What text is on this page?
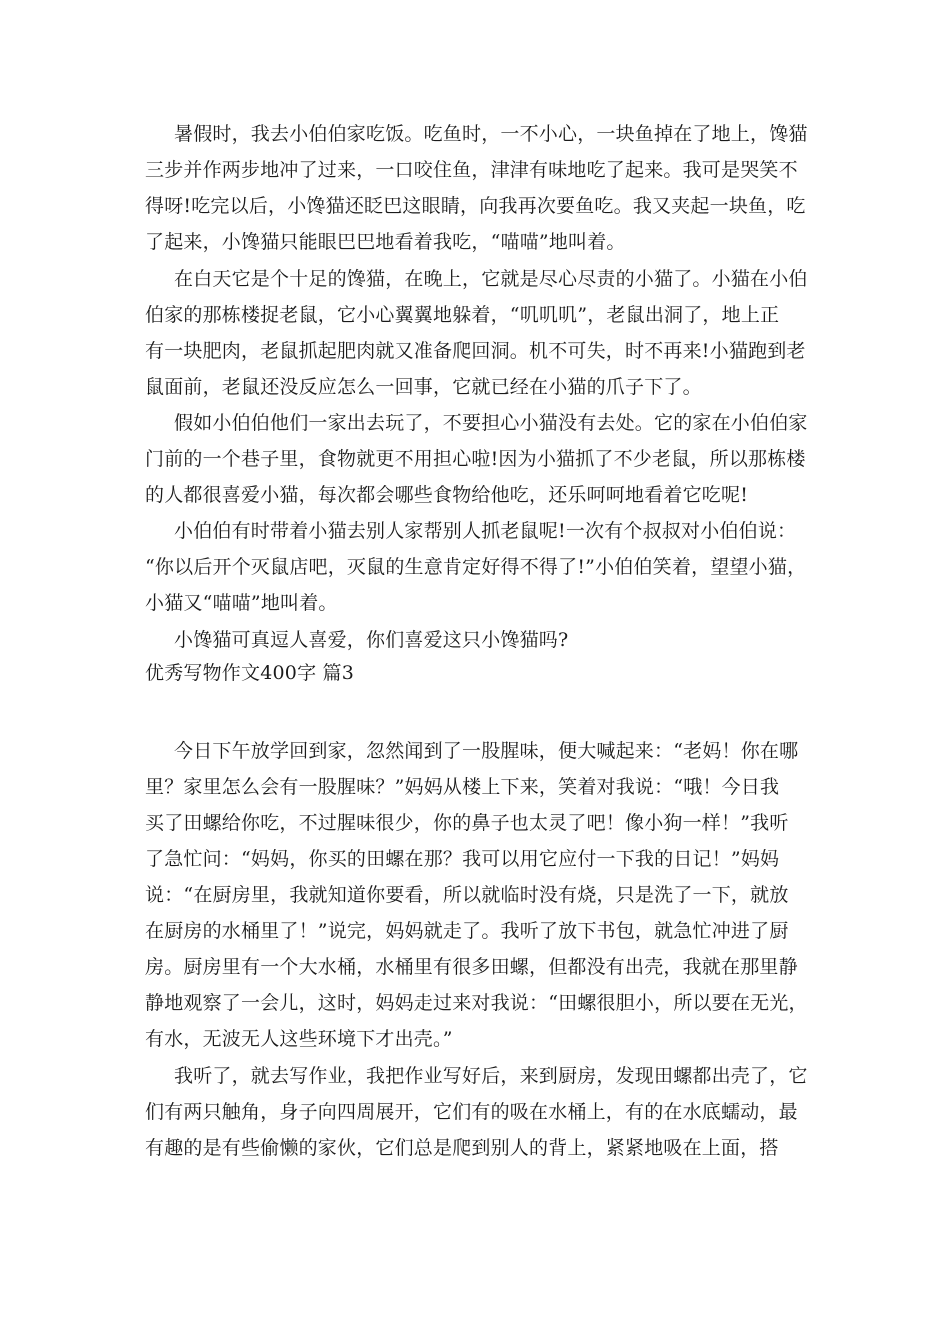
暑假时，我去小伯伯家吃饭。吃鱼时，一不小心，一块鱼掉在了地上，馋猫
三步并作两步地冲了过来，一口咬住鱼，津津有味地吃了起来。我可是哭笑不
得呀!吃完以后，小馋猫还眨巴这眼睛，向我再次要鱼吃。我又夹起一块鱼，吃
了起来，小馋猫只能眼巴巴地看着我吃，“喵喵”地叫着。
在白天它是个十足的馋猫，在晚上，它就是尽心尽责的小猫了。小猫在小伯
伯家的那栋楼捉老鼠，它小心翼翼地躲着，“叽叽叽”，老鼠出洞了，地上正
有一块肥肉，老鼠抓起肥肉就又准备爬回洞。机不可失，时不再来!小猫跑到老
鼠面前，老鼠还没反应怎么一回事，它就已经在小猫的爪子下了。
假如小伯伯他们一家出去玩了，不要担心小猫没有去处。它的家在小伯伯家
门前的一个巷子里，食物就更不用担心啦!因为小猫抓了不少老鼠，所以那栋楼
的人都很喜爱小猫，每次都会哪些食物给他吃，还乐呵呵地看着它吃呢!
小伯伯有时带着小猫去别人家帮别人抓老鼠呢!一次有个叔叔对小伯伯说：
“你以后开个灭鼠店吧，灭鼠的生意肯定好得不得了!”小伯伯笑着，望望小猫，
小猫又“喵喵”地叫着。
小馋猫可真逗人喜爱，你们喜爱这只小馋猫吗?
优秀写物作文400字 篇3
今日下午放学回到家，忽然闻到了一股腥味，便大喊起来：“老妈！你在哪
里？家里怎么会有一股腥味？”妈妈从楼上下来，笑着对我说：“哦！今日我
买了田螺给你吃，不过腥味很少，你的鼻子也太灵了吧！像小狗一样！”我听
了急忙问：“妈妈，你买的田螺在那？我可以用它应付一下我的日记！”妈妈
说：“在厨房里，我就知道你要看，所以就临时没有烧，只是洗了一下，就放
在厨房的水桶里了！”说完，妈妈就走了。我听了放下书包，就急忙冲进了厨
房。厨房里有一个大水桶，水桶里有很多田螺，但都没有出壳，我就在那里静
静地观察了一会儿，这时，妈妈走过来对我说：“田螺很胆小，所以要在无光，
有水，无波无人这些环境下才出壳。”
我听了，就去写作业，我把作业写好后，来到厨房，发现田螺都出壳了，它
们有两只触角，身子向四周展开，它们有的吸在水桶上，有的在水底蠕动，最
有趣的是有些偷懒的家伙，它们总是爬到别人的背上，紧紧地吸在上面，搭
